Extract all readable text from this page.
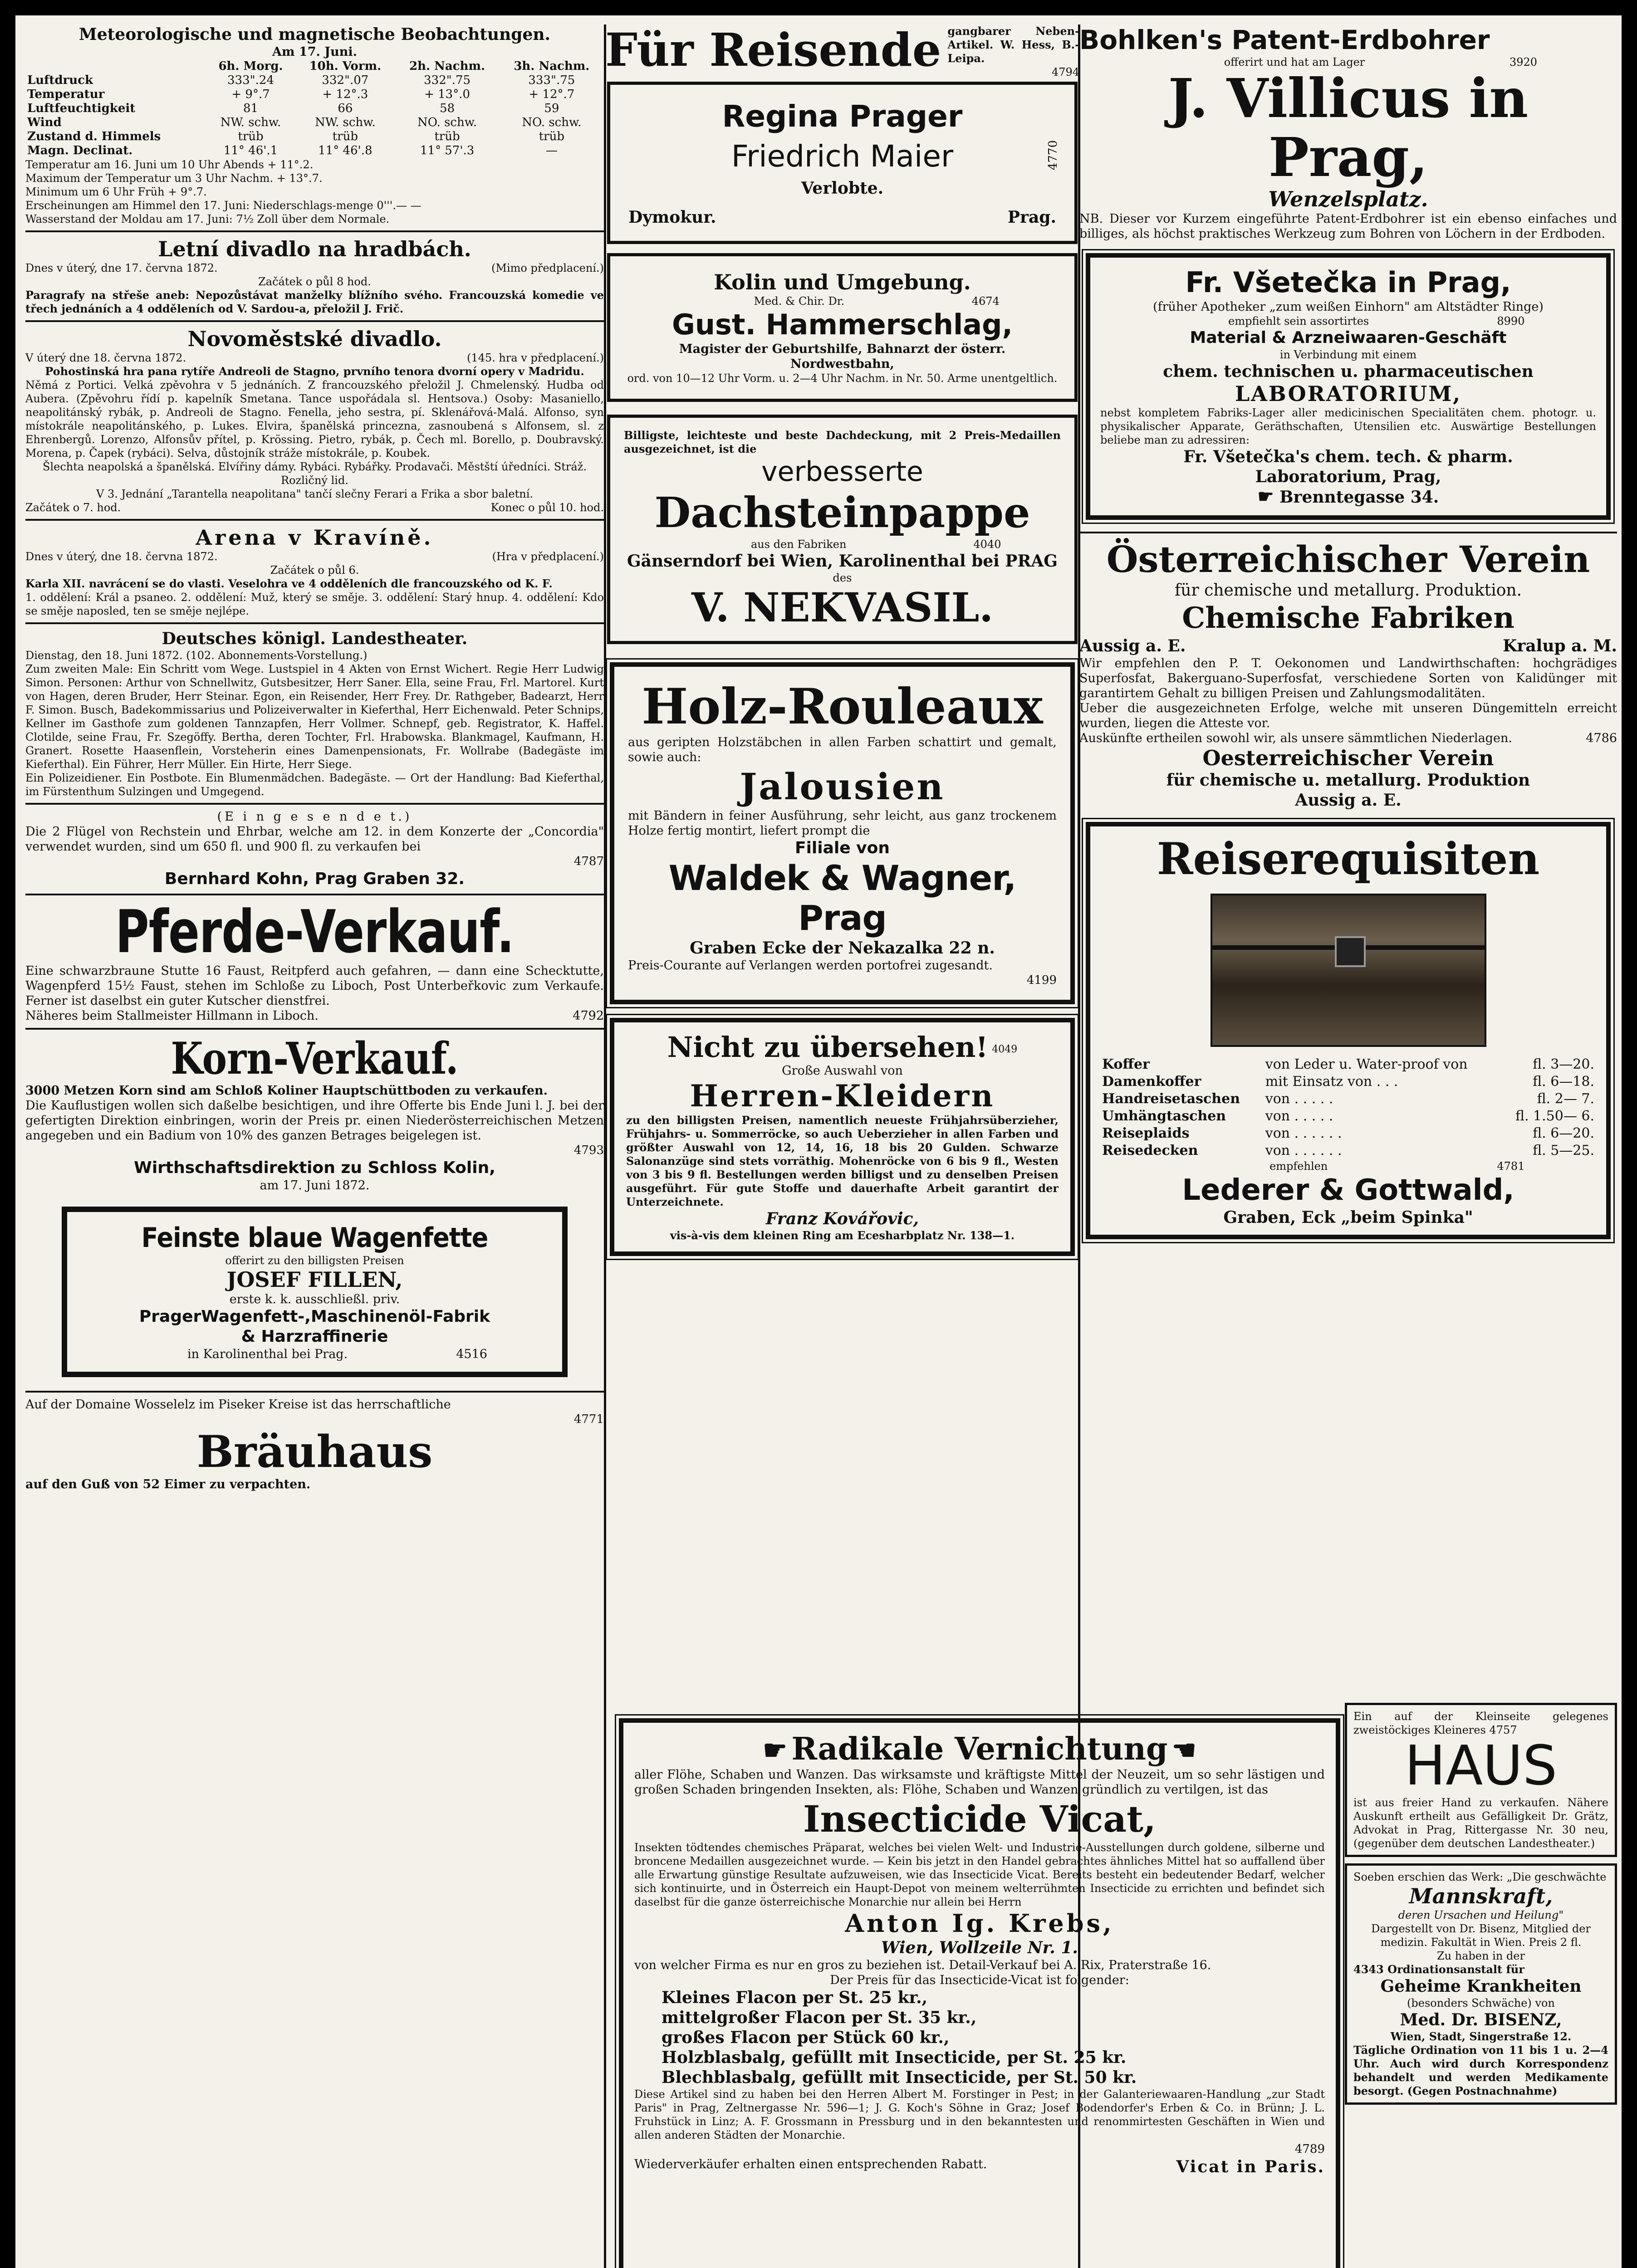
Meteorologische und magnetische Beobachtungen.

Am 17. Juni.

	6h. Morg.	10h. Vorm.	2h. Nachm.	3h. Nachm.
Luftdruck	333".24	332".07	332".75	333".75
Temperatur	+ 9°.7	+ 12°.3	+ 13°.0	+ 12°.7
Luftfeuchtigkeit	81	66	58	59
Wind	NW. schw.	NW. schw.	NO. schw.	NO. schw.
Zustand d. Himmels	trüb	trüb	trüb	trüb
Magn. Declinat.	11° 46'.1	11° 46'.8	11° 57'.3	—

Temperatur am 16. Juni um 10 Uhr Abends + 11°.2.

Maximum der Temperatur um 3 Uhr Nachm. + 13°.7.

Minimum um 6 Uhr Früh + 9°.7.

Erscheinungen am Himmel den 17. Juni: Niederschlags-menge 0'''.— —

Wasserstand der Moldau am 17. Juni: 7½ Zoll über dem Normale.

Letní divadlo na hradbách.

Dnes v úterý, dne 17. června 1872.	(Mimo předplacení.)

Začátek o půl 8 hod.

Paragrafy na střeše aneb: Nepozůstávat manželky blížního svého. Francouzská komedie ve třech jednáních a 4 odděleních od V. Sardou-a, přeložil J. Frič.

Novoměstské divadlo.

V úterý dne 18. června 1872.	(145. hra v předplacení.)

Pohostinská hra pana rytíře Andreoli de Stagno, prvního tenora dvorní opery v Madridu.

Němá z Portici. Velká zpěvohra v 5 jednáních. Z francouzského přeložil J. Chmelenský. Hudba od Aubera. (Zpěvohru řídí p. kapelník Smetana. Tance uspořádala sl. Hentsova.) Osoby: Masaniello, neapolitánský rybák, p. Andreoli de Stagno. Fenella, jeho sestra, pí. Sklenářová-Malá. Alfonso, syn místokrále neapolitánského, p. Lukes. Elvira, španělská princezna, zasnoubená s Alfonsem, sl. z Ehrenbergů. Lorenzo, Alfonsův přítel, p. Krössing. Pietro, rybák, p. Čech ml. Borello, p. Doubravský. Morena, p. Čapek (rybáci). Selva, důstojník stráže místokrále, p. Koubek.

Šlechta neapolská a španělská. Elvířiny dámy. Rybáci. Rybářky. Prodavači. Městští úředníci. Stráž. Rozličný lid.

V 3. Jednání „Tarantella neapolitana" tančí slečny Ferari a Frika a sbor baletní.

Začátek o 7. hod.	Konec o půl 10. hod.

Arena v Kravíně.

Dnes v úterý, dne 18. června 1872.	(Hra v předplacení.)

Začátek o půl 6.

Karla XII. navrácení se do vlasti. Veselohra ve 4 odděleních dle francouzského od K. F.

1. oddělení: Král a psaneo. 2. oddělení: Muž, který se směje. 3. oddělení: Starý hnup. 4. oddělení: Kdo se směje naposled, ten se směje nejlépe.

Deutsches königl. Landestheater.

Dienstag, den 18. Juni 1872. (102. Abonnements-Vorstellung.)

Zum zweiten Male: Ein Schritt vom Wege. Lustspiel in 4 Akten von Ernst Wichert. Regie Herr Ludwig Simon. Personen: Arthur von Schnellwitz, Gutsbesitzer, Herr Saner. Ella, seine Frau, Frl. Martorel. Kurt von Hagen, deren Bruder, Herr Steinar. Egon, ein Reisender, Herr Frey. Dr. Rathgeber, Badearzt, Herr F. Simon. Busch, Badekommissarius und Polizeiverwalter in Kieferthal, Herr Eichenwald. Peter Schnips, Kellner im Gasthofe zum goldenen Tannzapfen, Herr Vollmer. Schnepf, geb. Registrator, K. Haffel. Clotilde, seine Frau, Fr. Szegöffy. Bertha, deren Tochter, Frl. Hrabowska. Blankmagel, Kaufmann, H. Granert. Rosette Haasenflein, Vorsteherin eines Damenpensionats, Fr. Wollrabe (Badegäste im Kieferthal). Ein Führer, Herr Müller. Ein Hirte, Herr Siege.

Ein Polizeidiener. Ein Postbote. Ein Blumenmädchen. Badegäste. — Ort der Handlung: Bad Kieferthal, im Fürstenthum Sulzingen und Umgegend.

(E i n g e s e n d e t.)

Die 2 Flügel von Rechstein und Ehrbar, welche am 12. in dem Konzerte der „Concordia" verwendet wurden, sind um 650 fl. und 900 fl. zu verkaufen bei

4787

Bernhard Kohn, Prag Graben 32.

Pferde-Verkauf.

Eine schwarzbraune Stutte 16 Faust, Reitpferd auch gefahren, — dann eine Schecktutte, Wagenpferd 15½ Faust, stehen im Schloße zu Liboch, Post Unterbeřkovic zum Verkaufe. Ferner ist daselbst ein guter Kutscher dienstfrei.

Näheres beim Stallmeister Hillmann in Liboch.	4792

Korn-Verkauf.

3000 Metzen Korn sind am Schloß Koliner Hauptschüttboden zu verkaufen.

Die Kauflustigen wollen sich daßelbe besichtigen, und ihre Offerte bis Ende Juni l. J. bei der gefertigten Direktion einbringen, worin der Preis pr. einen Niederösterreichischen Metzen angegeben und ein Badium von 10% des ganzen Betrages beigelegen ist.

4793

Wirthschaftsdirektion zu Schloss Kolin,

am 17. Juni 1872.

Feinste blaue Wagenfette

offerirt zu den billigsten Preisen

JOSEF FILLEN,

erste k. k. ausschließl. priv.

PragerWagenfett-,Maschinenöl-Fabrik

& Harzraffinerie

in Karolinenthal bei Prag.	4516

Auf der Domaine Wosselelz im Piseker Kreise ist das herrschaftliche

4771

Bräuhaus

auf den Guß von 52 Eimer zu verpachten.

Für Reisende gangbarer Neben-Artikel. W. Hess, B.-Leipa.

4794

Regina Prager

Friedrich Maier

Verlobte.

Dymokur.	Prag.

4770

Kolin und Umgebung.

Med. & Chir. Dr.	4674

Gust. Hammerschlag,

Magister der Geburtshilfe, Bahnarzt der österr. Nordwestbahn,

ord. von 10—12 Uhr Vorm. u. 2—4 Uhr Nachm. in Nr. 50. Arme unentgeltlich.

Billigste, leichteste und beste Dachdeckung, mit 2 Preis-Medaillen ausgezeichnet, ist die

verbesserte

Dachsteinpappe

aus den Fabriken	4040

Gänserndorf bei Wien, Karolinenthal bei PRAG

des

V. NEKVASIL.

Holz-Rouleaux

aus geripten Holzstäbchen in allen Farben schattirt und gemalt, sowie auch:

Jalousien

mit Bändern in feiner Ausführung, sehr leicht, aus ganz trockenem Holze fertig montirt, liefert prompt die

Filiale von

Waldek & Wagner, Prag

Graben Ecke der Nekazalka 22 n.

Preis-Courante auf Verlangen werden portofrei zugesandt.

4199

Nicht zu übersehen! $^{4049}$

Große Auswahl von

Herren-Kleidern

zu den billigsten Preisen, namentlich neueste Frühjahrsüberzieher, Frühjahrs- u. Sommerröcke, so auch Ueberzieher in allen Farben und größter Auswahl von 12, 14, 16, 18 bis 20 Gulden. Schwarze Salonanzüge sind stets vorräthig. Mohenröcke von 6 bis 9 fl., Westen von 3 bis 9 fl. Bestellungen werden billigst und zu denselben Preisen ausgeführt. Für gute Stoffe und dauerhafte Arbeit garantirt der Unterzeichnete.

Franz Kovářovic,

vis-à-vis dem kleinen Ring am Ecesharbplatz Nr. 138—1.

Bohlken's Patent-Erdbohrer

offerirt und hat am Lager	3920

J. Villicus in Prag,

Wenzelsplatz.

NB. Dieser vor Kurzem eingeführte Patent-Erdbohrer ist ein ebenso einfaches und billiges, als höchst praktisches Werkzeug zum Bohren von Löchern in der Erdboden.

Fr. Všetečka in Prag,

(früher Apotheker „zum weißen Einhorn" am Altstädter Ringe)

empfiehlt sein assortirtes	8990

Material & Arzneiwaaren-Geschäft

in Verbindung mit einem

chem. technischen u. pharmaceutischen

LABORATORIUM,

nebst kompletem Fabriks-Lager aller medicinischen Specialitäten chem. photogr. u. physikalischer Apparate, Geräthschaften, Utensilien etc. Auswärtige Bestellungen beliebe man zu adressiren:

Fr. Všetečka's chem. tech. & pharm.

Laboratorium, Prag,

☛ Brenntegasse 34.

Österreichischer Verein

für chemische und metallurg. Produktion.

Chemische Fabriken

Aussig a. E.	Kralup a. M.

Wir empfehlen den P. T. Oekonomen und Landwirthschaften: hochgrädiges Superfosfat, Bakerguano-Superfosfat, verschiedene Sorten von Kalidünger mit garantirtem Gehalt zu billigen Preisen und Zahlungsmodalitäten.

Ueber die ausgezeichneten Erfolge, welche mit unseren Düngemitteln erreicht wurden, liegen die Atteste vor.

Auskünfte ertheilen sowohl wir, als unsere sämmtlichen Niederlagen.	4786

Oesterreichischer Verein

für chemische u. metallurg. Produktion

Aussig a. E.

Reiserequisiten

Koffer	von Leder u. Water-proof von	fl. 3—20.
Damenkoffer	mit Einsatz von . . .	fl. 6—18.
Handreisetaschen	von . . . . .	fl. 2— 7.
Umhängtaschen	von . . . . .	fl. 1.50— 6.
Reiseplaids	von . . . . . .	fl. 6—20.
Reisedecken	von . . . . . .	fl. 5—25.

empfehlen	4781

Lederer & Gottwald,

Graben, Eck „beim Spinka"

☛ Radikale Vernichtung ☚

aller Flöhe, Schaben und Wanzen. Das wirksamste und kräftigste Mittel der Neuzeit, um so sehr lästigen und großen Schaden bringenden Insekten, als: Flöhe, Schaben und Wanzen gründlich zu vertilgen, ist das

Insecticide Vicat,

Insekten tödtendes chemisches Präparat, welches bei vielen Welt- und Industrie-Ausstellungen durch goldene, silberne und broncene Medaillen ausgezeichnet wurde. — Kein bis jetzt in den Handel gebrachtes ähnliches Mittel hat so auffallend über alle Erwartung günstige Resultate aufzuweisen, wie das Insecticide Vicat. Bereits besteht ein bedeutender Bedarf, welcher sich kontinuirte, und in Österreich ein Haupt-Depot von meinem welterrühmten Insecticide zu errichten und befindet sich daselbst für die ganze österreichische Monarchie nur allein bei Herrn

Anton Ig. Krebs,

Wien, Wollzeile Nr. 1.

von welcher Firma es nur en gros zu beziehen ist. Detail-Verkauf bei A. Rix, Praterstraße 16.

Der Preis für das Insecticide-Vicat ist folgender:

Kleines Flacon per St. 25 kr.,

mittelgroßer Flacon per St. 35 kr.,

großes Flacon per Stück 60 kr.,

Holzblasbalg, gefüllt mit Insecticide, per St. 25 kr.

Blechblasbalg, gefüllt mit Insecticide, per St. 50 kr.

Diese Artikel sind zu haben bei den Herren Albert M. Forstinger in Pest; in der Galanteriewaaren-Handlung „zur Stadt Paris" in Prag, Zeltnergasse Nr. 596—1; J. G. Koch's Söhne in Graz; Josef Bodendorfer's Erben & Co. in Brünn; J. L. Fruhstück in Linz; A. F. Grossmann in Pressburg und in den bekanntesten und renommirtesten Geschäften in Wien und allen anderen Städten der Monarchie.

4789

Wiederverkäufer erhalten einen entsprechenden Rabatt.	Vicat in Paris.

Ein auf der Kleinseite gelegenes zweistöckiges Kleineres 4757

HAUS

ist aus freier Hand zu verkaufen. Nähere Auskunft ertheilt aus Gefälligkeit Dr. Grätz, Advokat in Prag, Rittergasse Nr. 30 neu, (gegenüber dem deutschen Landestheater.)

Soeben erschien das Werk: „Die geschwächte

Mannskraft,

deren Ursachen und Heilung"

Dargestellt von Dr. Bisenz, Mitglied der medizin. Fakultät in Wien. Preis 2 fl.

Zu haben in der

4343 Ordinationsanstalt für

Geheime Krankheiten

(besonders Schwäche) von

Med. Dr. BISENZ,

Wien, Stadt, Singerstraße 12.

Tägliche Ordination von 11 bis 1 u. 2—4 Uhr. Auch wird durch Korrespondenz behandelt und werden Medikamente besorgt. (Gegen Postnachnahme)
